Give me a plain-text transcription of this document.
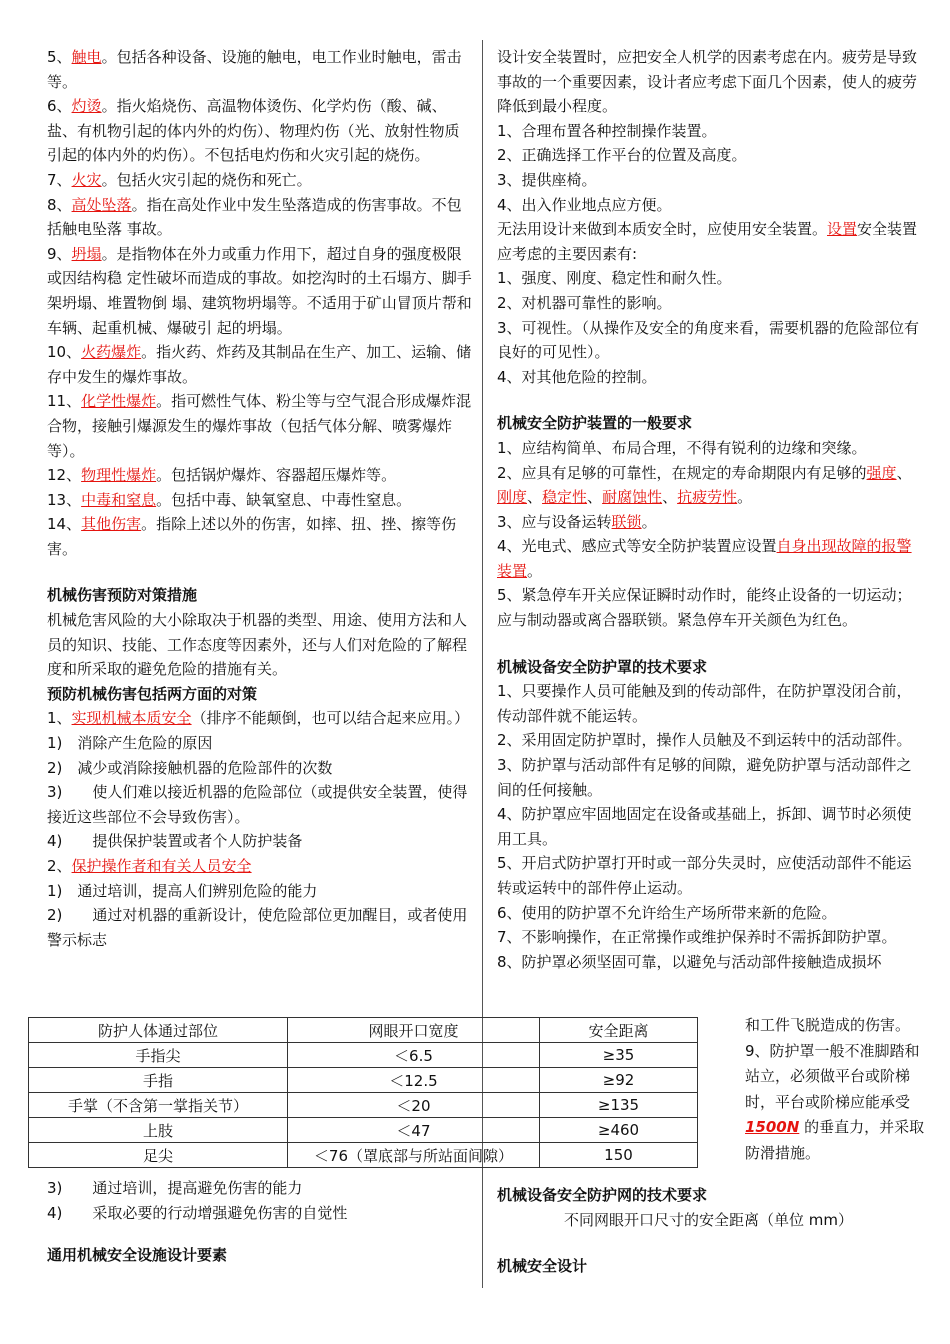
5、触电。包括各种设备、设施的触电，电工作业时触电，雷击等。

6、灼烫。指火焰烧伤、高温物体烫伤、化学灼伤（酸、碱、盐、有机物引起的体内外的灼伤）、物理灼伤（光、放射性物质引起的体内外的灼伤）。不包括电灼伤和火灾引起的烧伤。

7、火灾。包括火灾引起的烧伤和死亡。

8、高处坠落。指在高处作业中发生坠落造成的伤害事故。不包括触电坠落 事故。

9、坍塌。是指物体在外力或重力作用下，超过自身的强度极限或因结构稳 定性破坏而造成的事故。如挖沟时的土石塌方、脚手架坍塌、堆置物倒 塌、建筑物坍塌等。不适用于矿山冒顶片帮和车辆、起重机械、爆破引 起的坍塌。

10、火药爆炸。指火药、炸药及其制品在生产、加工、运输、储存中发生的爆炸事故。

11、化学性爆炸。指可燃性气体、粉尘等与空气混合形成爆炸混合物，接触引爆源发生的爆炸事故（包括气体分解、喷雾爆炸等）。

12、物理性爆炸。包括锅炉爆炸、容器超压爆炸等。

13、中毒和窒息。包括中毒、缺氧窒息、中毒性窒息。

14、其他伤害。指除上述以外的伤害，如摔、扭、挫、擦等伤害。

机械伤害预防对策措施

机械危害风险的大小除取决于机器的类型、用途、使用方法和人员的知识、技能、工作态度等因素外，还与人们对危险的了解程度和所采取的避免危险的措施有关。

预防机械伤害包括两方面的对策

1、实现机械本质安全（排序不能颠倒，也可以结合起来应用。）

1)　消除产生危险的原因

2)　减少或消除接触机器的危险部件的次数

3)　　使人们难以接近机器的危险部位（或提供安全装置，使得接近这些部位不会导致伤害）。

4)　　提供保护装置或者个人防护装备

2、保护操作者和有关人员安全

1)　通过培训，提高人们辨别危险的能力

2)　　通过对机器的重新设计，使危险部位更加醒目，或者使用警示标志

防护人体通过部位	网眼开口宽度	安全距离
手指尖	＜6.5	≥35
手指	＜12.5	≥92
手掌（不含第一掌指关节）	＜20	≥135
上肢	＜47	≥460
足尖	＜76（罩底部与所站面间隙）	150

3)　　通过培训，提高避免伤害的能力

4)　　采取必要的行动增强避免伤害的自觉性

通用机械安全设施设计要素

设计安全装置时，应把安全人机学的因素考虑在内。疲劳是导致事故的一个重要因素，设计者应考虑下面几个因素，使人的疲劳降低到最小程度。

1、合理布置各种控制操作装置。

2、正确选择工作平台的位置及高度。

3、提供座椅。

4、出入作业地点应方便。

无法用设计来做到本质安全时，应使用安全装置。设置安全装置应考虑的主要因素有:

1、强度、刚度、稳定性和耐久性。

2、对机器可靠性的影响。

3、可视性。（从操作及安全的角度来看，需要机器的危险部位有良好的可见性）。

4、对其他危险的控制。

机械安全防护装置的一般要求

1、应结构简单、布局合理，不得有锐利的边缘和突缘。

2、应具有足够的可靠性，在规定的寿命期限内有足够的强度、刚度、稳定性、耐腐蚀性、抗疲劳性。

3、应与设备运转联锁。

4、光电式、感应式等安全防护装置应设置自身出现故障的报警装置。

5、紧急停车开关应保证瞬时动作时，能终止设备的一切运动；应与制动器或离合器联锁。紧急停车开关颜色为红色。

机械设备安全防护罩的技术要求

1、只要操作人员可能触及到的传动部件，在防护罩没闭合前，传动部件就不能运转。

2、采用固定防护罩时，操作人员触及不到运转中的活动部件。

3、防护罩与活动部件有足够的间隙，避免防护罩与活动部件之间的任何接触。

4、防护罩应牢固地固定在设备或基础上，拆卸、调节时必须使用工具。

5、开启式防护罩打开时或一部分失灵时，应使活动部件不能运转或运转中的部件停止运动。

6、使用的防护罩不允许给生产场所带来新的危险。

7、不影响操作，在正常操作或维护保养时不需拆卸防护罩。

8、防护罩必须坚固可靠，以避免与活动部件接触造成损坏

和工件飞脱造成的伤害。

9、防护罩一般不准脚踏和站立，必须做平台或阶梯时，平台或阶梯应能承受 1500N 的垂直力，并采取防滑措施。

机械设备安全防护网的技术要求

不同网眼开口尺寸的安全距离（单位 mm）

机械安全设计
